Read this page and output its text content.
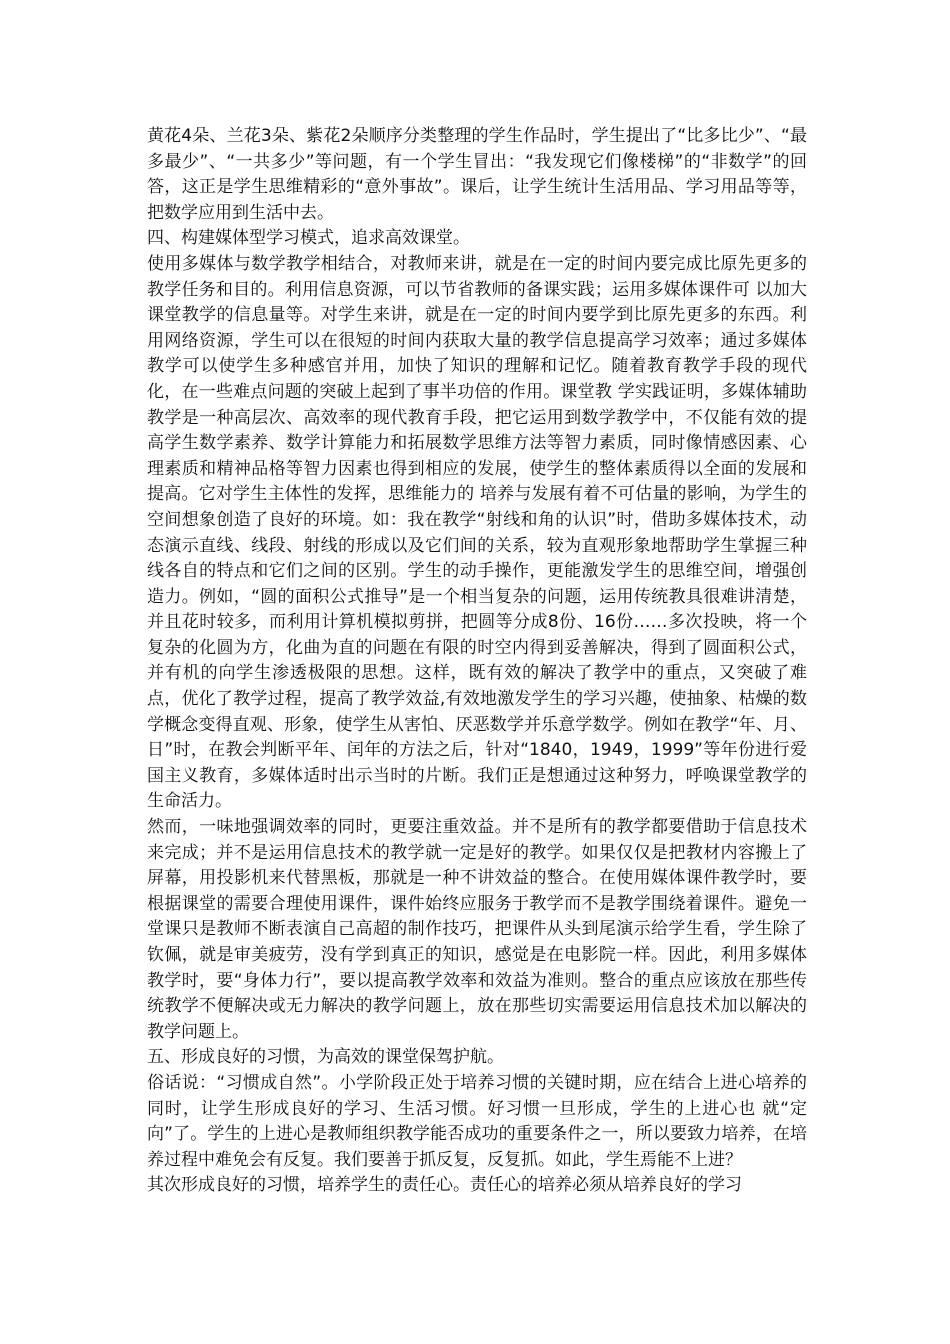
黄花4朵、兰花3朵、紫花2朵顺序分类整理的学生作品时，学生提出了“比多比少”、“最多最少”、“一共多少”等问题，有一个学生冒出：“我发现它们像楼梯”的“非数学”的回答，这正是学生思维精彩的“意外事故”。课后，让学生统计生活用品、学习用品等等，把数学应用到生活中去。

四、构建媒体型学习模式，追求高效课堂。

使用多媒体与数学教学相结合，对教师来讲，就是在一定的时间内要完成比原先更多的教学任务和目的。利用信息资源，可以节省教师的备课实践；运用多媒体课件可 以加大课堂教学的信息量等。对学生来讲，就是在一定的时间内要学到比原先更多的东西。利用网络资源，学生可以在很短的时间内获取大量的教学信息提高学习效率；通过多媒体教学可以使学生多种感官并用，加快了知识的理解和记忆。随着教育教学手段的现代化，在一些难点问题的突破上起到了事半功倍的作用。课堂教 学实践证明，多媒体辅助教学是一种高层次、高效率的现代教育手段，把它运用到数学教学中，不仅能有效的提高学生数学素养、数学计算能力和拓展数学思维方法等智力素质，同时像情感因素、心理素质和精神品格等智力因素也得到相应的发展，使学生的整体素质得以全面的发展和提高。它对学生主体性的发挥，思维能力的 培养与发展有着不可估量的影响，为学生的空间想象创造了良好的环境。如：我在教学“射线和角的认识”时，借助多媒体技术，动态演示直线、线段、射线的形成以及它们间的关系，较为直观形象地帮助学生掌握三种线各自的特点和它们之间的区别。学生的动手操作，更能激发学生的思维空间，增强创造力。例如，“圆的面积公式推导”是一个相当复杂的问题，运用传统教具很难讲清楚，并且花时较多，而利用计算机模拟剪拼，把圆等分成8份、16份……多次投映，将一个复杂的化圆为方，化曲为直的问题在有限的时空内得到妥善解决，得到了圆面积公式，并有机的向学生渗透极限的思想。这样，既有效的解决了教学中的重点，又突破了难点，优化了教学过程，提高了教学效益,有效地激发学生的学习兴趣，使抽象、枯燥的数学概念变得直观、形象，使学生从害怕、厌恶数学并乐意学数学。例如在教学“年、月、日”时，在教会判断平年、闰年的方法之后，针对“1840，1949，1999”等年份进行爱国主义教育，多媒体适时出示当时的片断。我们正是想通过这种努力，呼唤课堂教学的生命活力。

然而，一味地强调效率的同时，更要注重效益。并不是所有的教学都要借助于信息技术来完成；并不是运用信息技术的教学就一定是好的教学。如果仅仅是把教材内容搬上了屏幕，用投影机来代替黑板，那就是一种不讲效益的整合。在使用媒体课件教学时，要根据课堂的需要合理使用课件，课件始终应服务于教学而不是教学围绕着课件。避免一堂课只是教师不断表演自己高超的制作技巧，把课件从头到尾演示给学生看，学生除了钦佩，就是审美疲劳，没有学到真正的知识，感觉是在电影院一样。因此，利用多媒体教学时，要“身体力行”，要以提高教学效率和效益为准则。整合的重点应该放在那些传统教学不便解决或无力解决的教学问题上，放在那些切实需要运用信息技术加以解决的教学问题上。

五、形成良好的习惯，为高效的课堂保驾护航。

俗话说：“习惯成自然”。小学阶段正处于培养习惯的关键时期，应在结合上进心培养的同时，让学生形成良好的学习、生活习惯。好习惯一旦形成，学生的上进心也 就“定向”了。学生的上进心是教师组织教学能否成功的重要条件之一，所以要致力培养，在培养过程中难免会有反复。我们要善于抓反复，反复抓。如此，学生焉能不上进？

其次形成良好的习惯，培养学生的责任心。责任心的培养必须从培养良好的学习
